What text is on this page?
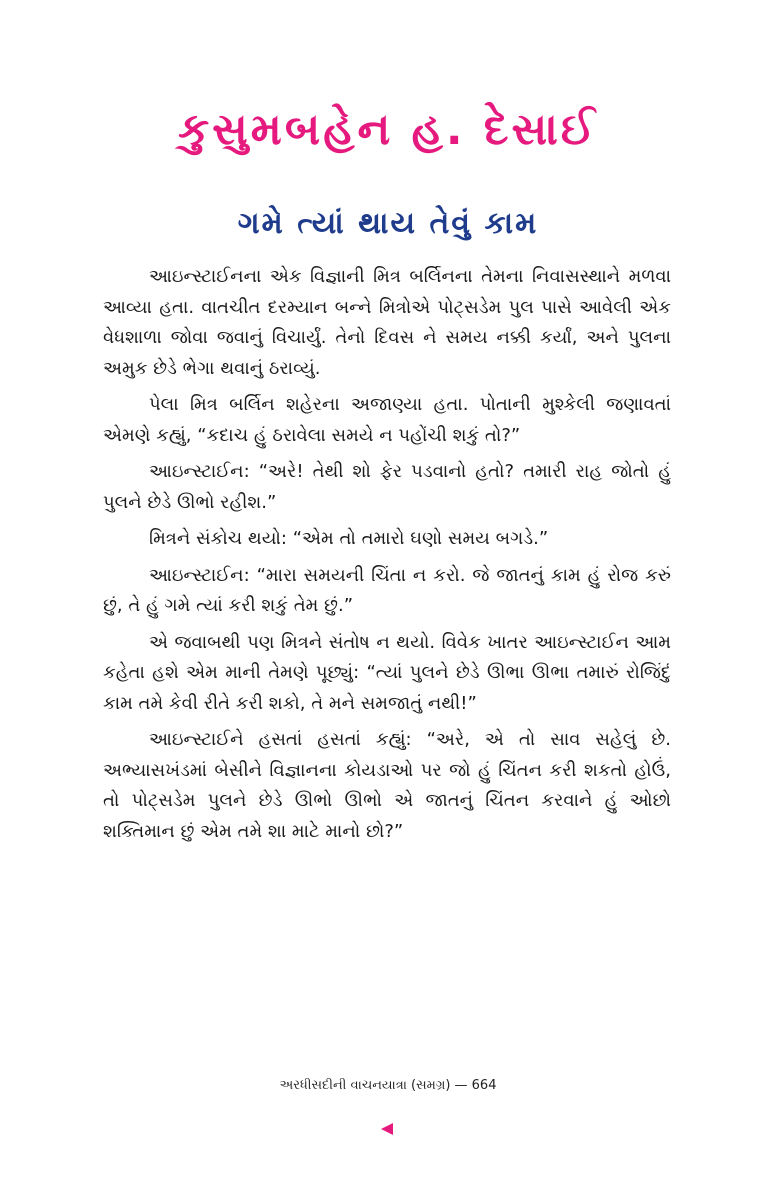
કુસુમબહેન હ. દેસાઈ
ગમે ત્યાં થાય તેવું કામ

આઇન્સ્ટાઈનના એક વિજ્ઞાની મિત્ર બર્લિનના તેમના નિવાસસ્થાને મળવા આવ્યા હતા. વાતચીત દરમ્યાન બન્ને મિત્રોએ પોટ્સડેમ પુલ પાસે આવેલી એક વેધશાળા જોવા જવાનું વિચાર્યું. તેનો દિવસ ને સમય નક્કી કર્યાં, અને પુલના અમુક છેડે ભેગા થવાનું ઠરાવ્યું.

પેલા મિત્ર બર્લિન શહેરના અજાણ્યા હતા. પોતાની મુશ્કેલી જણાવતાં એમણે કહ્યું, “કદાચ હું ઠરાવેલા સમયે ન પહોંચી શકું તો?”

આઇન્સ્ટાઈન: “અરે! તેથી શો ફેર પડવાનો હતો? તમારી રાહ જોતો હું પુલને છેડે ઊભો રહીશ.”

મિત્રને સંકોચ થયો: “એમ તો તમારો ઘણો સમય બગડે.”

આઇન્સ્ટાઈન: “મારા સમયની ચિંતા ન કરો. જે જાતનું કામ હું રોજ કરું છું, તે હું ગમે ત્યાં કરી શકું તેમ છું.”

એ જવાબથી પણ મિત્રને સંતોષ ન થયો. વિવેક ખાતર આઇન્સ્ટાઈન આમ કહેતા હશે એમ માની તેમણે પૂછ્યું: “ત્યાં પુલને છેડે ઊભા ઊભા તમારું રોજિંદું કામ તમે કેવી રીતે કરી શકો, તે મને સમજાતું નથી!”

આઇન્સ્ટાઈને હસતાં હસતાં કહ્યું: “અરે, એ તો સાવ સહેલું છે. અભ્યાસખંડમાં બેસીને વિજ્ઞાનના કોયડાઓ પર જો હું ચિંતન કરી શકતો હોઉં, તો પોટ્સડેમ પુલને છેડે ઊભો ઊભો એ જાતનું ચિંતન કરવાને હું ઓછો શક્તિમાન છું એમ તમે શા માટે માનો છો?”

અરધીસદીની વાચનયાત્રા (સમગ્ર) — 664
